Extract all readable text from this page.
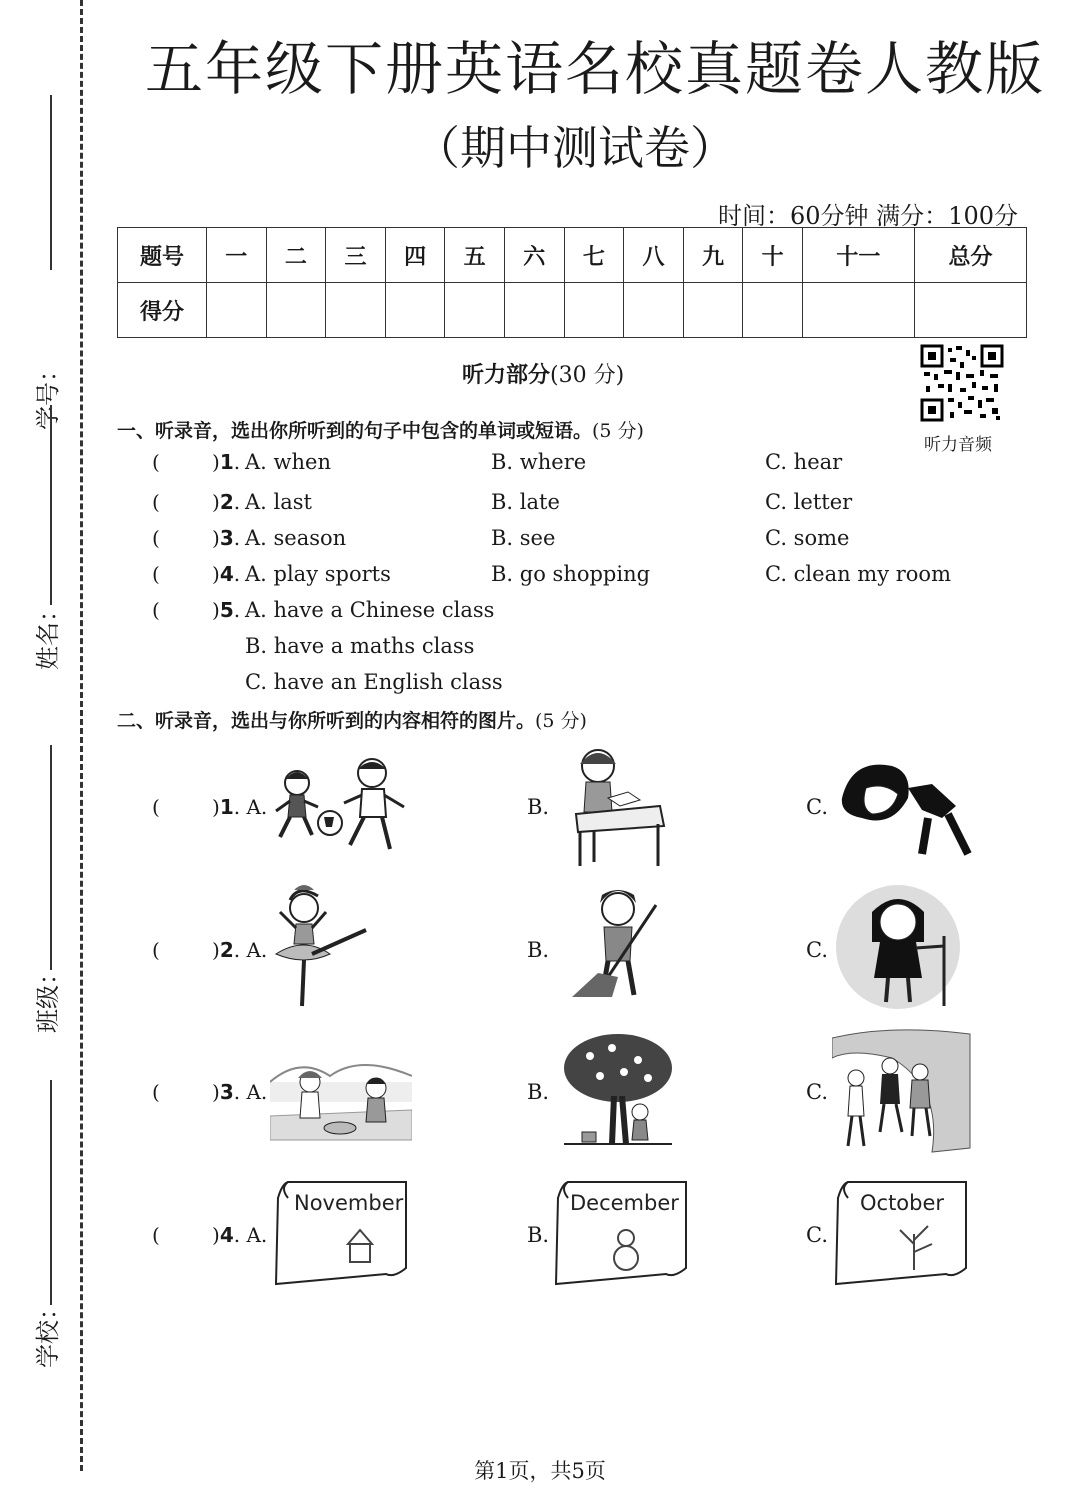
学号：
姓名：
班级：
学校：
五年级下册英语名校真题卷人教版
（期中测试卷）
时间：60分钟 满分：100分
题号	一	二	三	四	五	六	七	八	九	十	十一	总分
得分												
听力部分(30 分)
听力音频
一、听录音，选出你所听到的句子中包含的单词或短语。(5 分)
(	)1. A. when	B. where	C. hear
(	)2. A. last	B. late	C. letter
(	)3. A. season	B. see	C. some
(	)4. A. play sports	B. go shopping	C. clean my room
(	)5. A. have a Chinese class
B. have a maths class
C. have an English class
二、听录音，选出与你所听到的内容相符的图片。(5 分)
(	)1. A.	B.	C.
(	)2. A.	B.	C.
(	)3. A.	B.	C.
(	)4. A.
November
B.
December
C.
October
第1页，共5页
